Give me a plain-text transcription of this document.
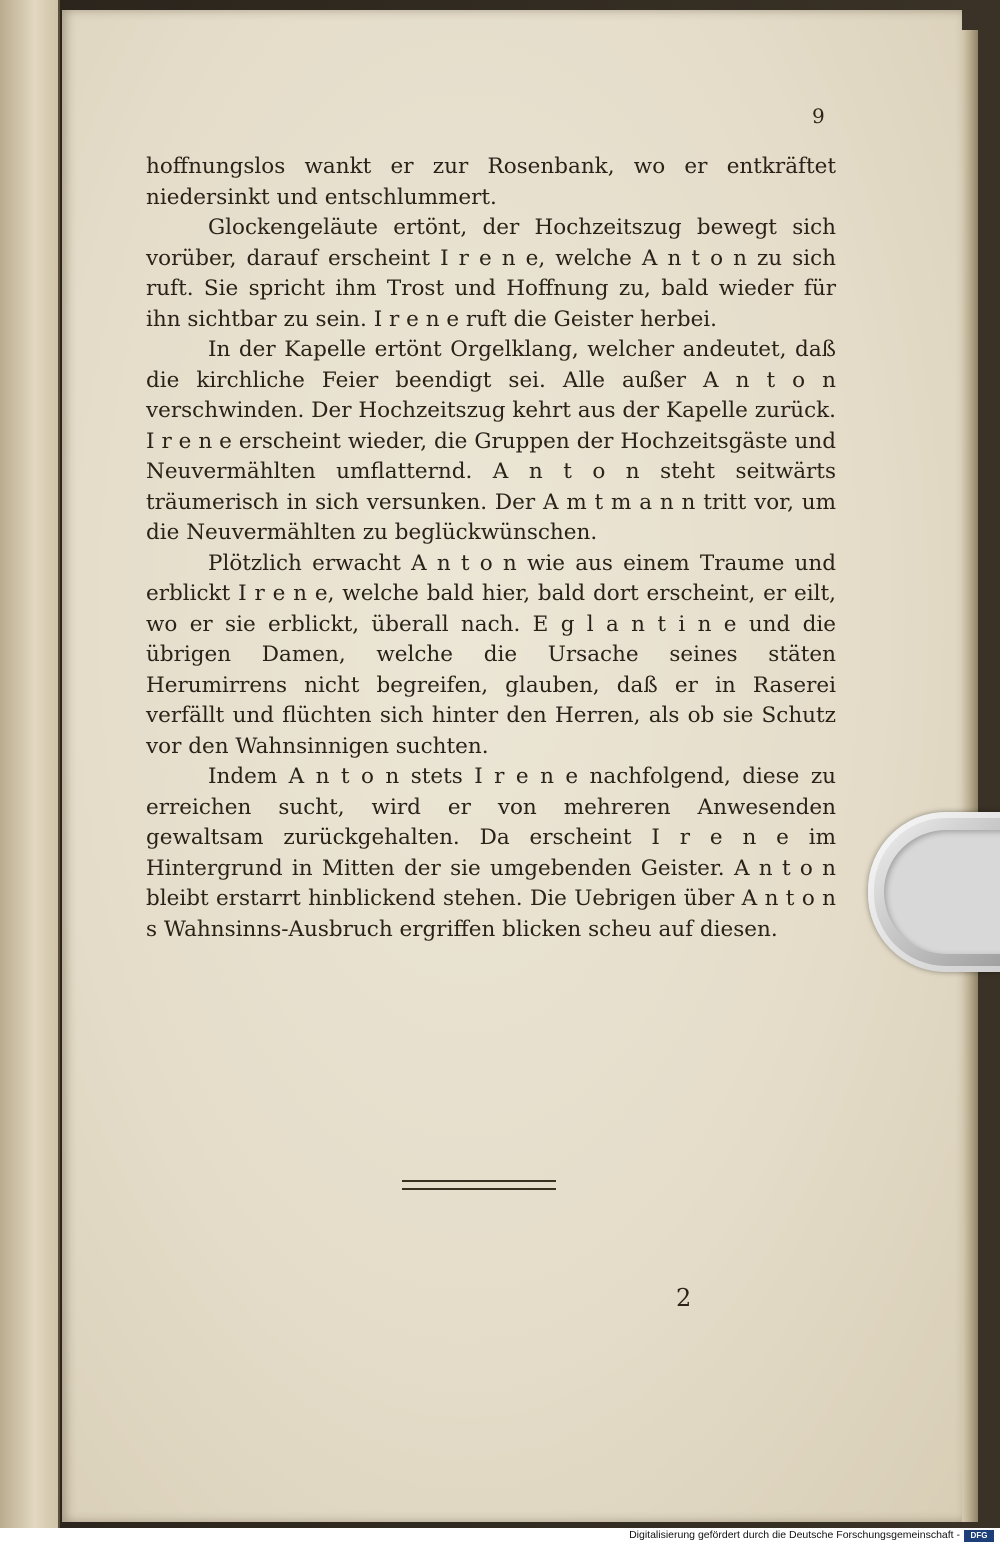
9

hoffnungslos wankt er zur Rosenbank, wo er entkräftet niedersinkt und entschlummert.

Glockengeläute ertönt, der Hochzeitszug bewegt sich vorüber, darauf erscheint I r e n e, welche A n t o n zu sich ruft. Sie spricht ihm Trost und Hoffnung zu, bald wieder für ihn sichtbar zu sein. I r e n e ruft die Geister herbei.

In der Kapelle ertönt Orgelklang, welcher andeutet, daß die kirchliche Feier beendigt sei. Alle außer A n t o n verschwinden. Der Hochzeitszug kehrt aus der Kapelle zurück. I r e n e erscheint wieder, die Gruppen der Hochzeitsgäste und Neuvermählten umflatternd. A n t o n steht seitwärts träumerisch in sich versunken. Der A m t m a n n tritt vor, um die Neuvermählten zu beglückwünschen.

Plötzlich erwacht A n t o n wie aus einem Traume und erblickt I r e n e, welche bald hier, bald dort erscheint, er eilt, wo er sie erblickt, überall nach. E g l a n t i n e und die übrigen Damen, welche die Ursache seines stäten Herumirrens nicht begreifen, glauben, daß er in Raserei verfällt und flüchten sich hinter den Herren, als ob sie Schutz vor den Wahnsinnigen suchten.

Indem A n t o n stets I r e n e nachfolgend, diese zu erreichen sucht, wird er von mehreren Anwesenden gewaltsam zurückgehalten. Da erscheint I r e n e im Hintergrund in Mitten der sie umgebenden Geister. A n t o n bleibt erstarrt hinblickend stehen. Die Uebrigen über A n t o n s Wahnsinns-Ausbruch ergriffen blicken scheu auf diesen.

2

Digitalisierung gefördert durch die Deutsche Forschungsgemeinschaft -	DFG
